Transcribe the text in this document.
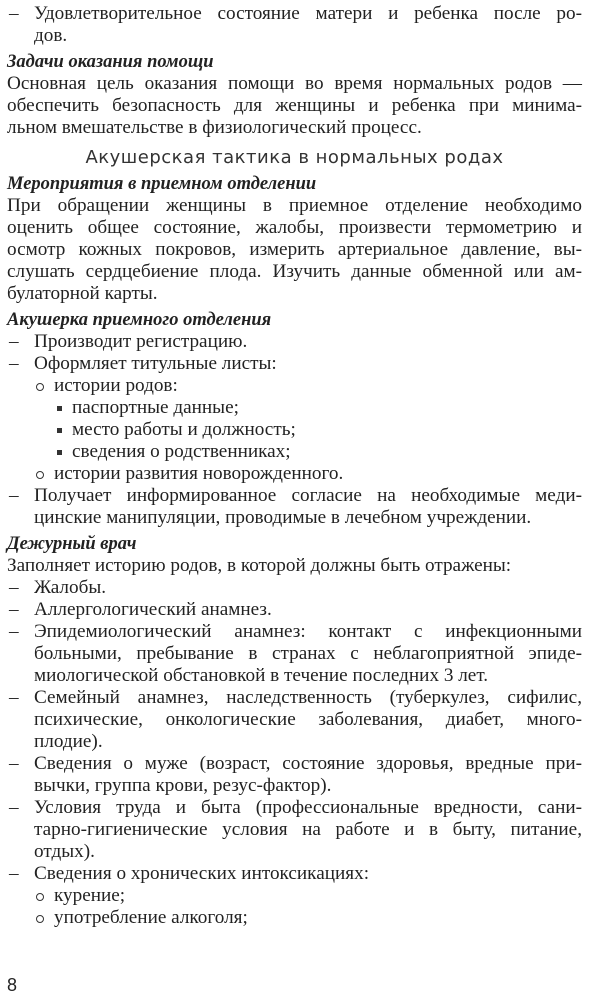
– Удовлетворительное состояние матери и ребенка после ро-
дов.
Задачи оказания помощи
Основная цель оказания помощи во время нормальных родов —
обеспечить безопасность для женщины и ребенка при минима-
льном вмешательстве в физиологический процесс.
Акушерская тактика в нормальных родах
Мероприятия в приемном отделении
При обращении женщины в приемное отделение необходимо
оценить общее состояние, жалобы, произвести термометрию и
осмотр кожных покровов, измерить артериальное давление, вы-
слушать сердцебиение плода. Изучить данные обменной или ам-
булаторной карты.
Акушерка приемного отделения
– Производит регистрацию.
– Оформляет титульные листы:
истории родов:
паспортные данные;
место работы и должность;
сведения о родственниках;
истории развития новорожденного.
– Получает информированное согласие на необходимые меди-
цинские манипуляции, проводимые в лечебном учреждении.
Дежурный врач
Заполняет историю родов, в которой должны быть отражены:
– Жалобы.
– Аллергологический анамнез.
– Эпидемиологический анамнез: контакт с инфекционными
больными, пребывание в странах с неблагоприятной эпиде-
миологической обстановкой в течение последних 3 лет.
– Семейный анамнез, наследственность (туберкулез, сифилис,
психические, онкологические заболевания, диабет, много-
плодие).
– Сведения о муже (возраст, состояние здоровья, вредные при-
вычки, группа крови, резус-фактор).
– Условия труда и быта (профессиональные вредности, сани-
тарно-гигиенические условия на работе и в быту, питание,
отдых).
– Сведения о хронических интоксикациях:
курение;
употребление алкоголя;
8
